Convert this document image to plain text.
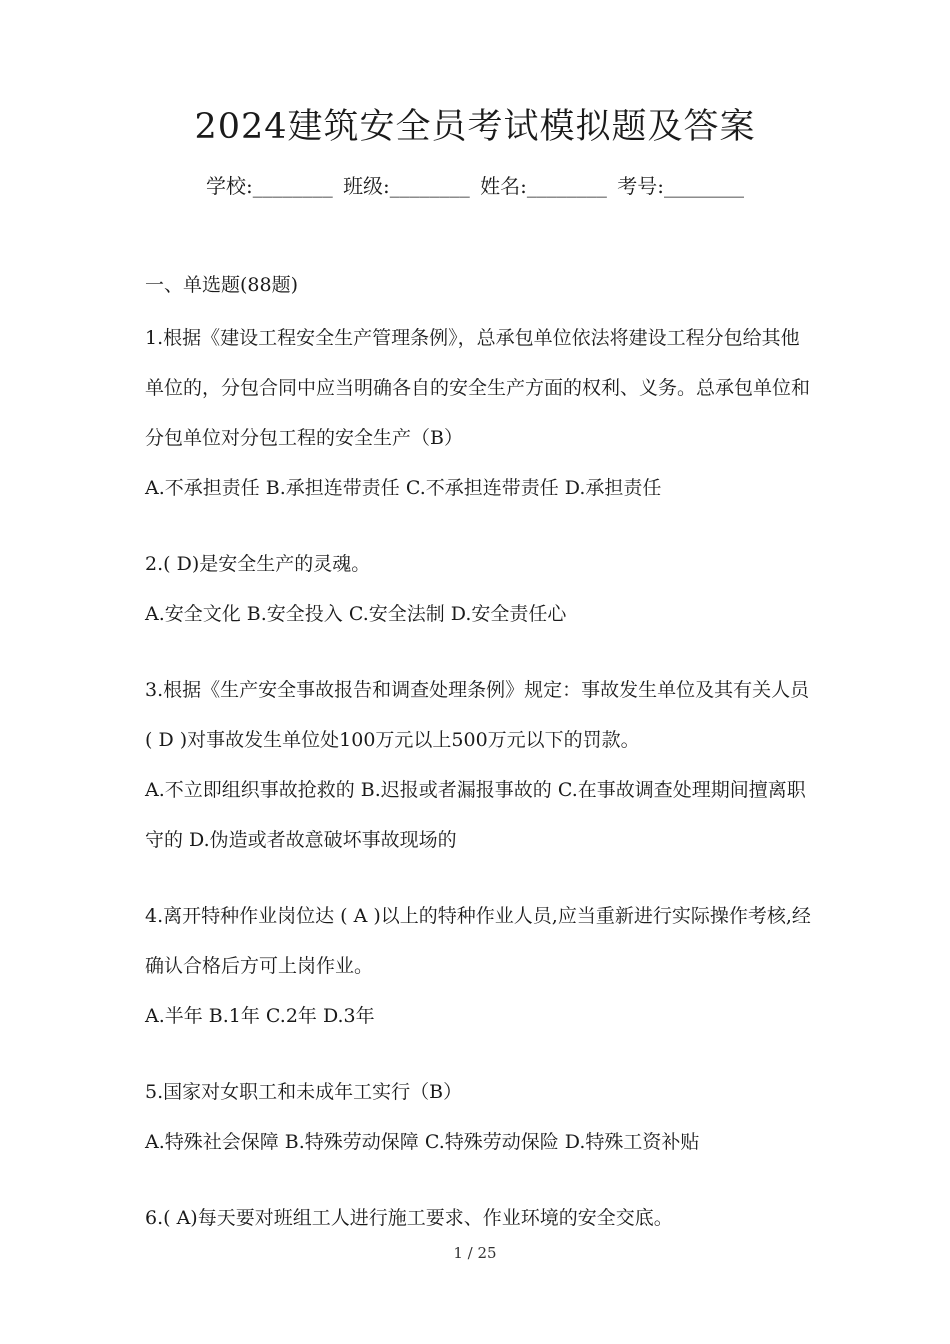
2024建筑安全员考试模拟题及答案
学校:________ 班级:________ 姓名:________ 考号:________
一、单选题(88题)

1.根据《建设工程安全生产管理条例》，总承包单位依法将建设工程分包给其他单位的，分包合同中应当明确各自的安全生产方面的权利、义务。总承包单位和分包单位对分包工程的安全生产（B）

A.不承担责任 B.承担连带责任 C.不承担连带责任 D.承担责任

2.( D)是安全生产的灵魂。

A.安全文化 B.安全投入 C.安全法制 D.安全责任心

3.根据《生产安全事故报告和调查处理条例》规定：事故发生单位及其有关人员 ( D )对事故发生单位处100万元以上500万元以下的罚款。

A.不立即组织事故抢救的 B.迟报或者漏报事故的 C.在事故调查处理期间擅离职守的 D.伪造或者故意破坏事故现场的

4.离开特种作业岗位达 ( A )以上的特种作业人员,应当重新进行实际操作考核,经确认合格后方可上岗作业。

A.半年 B.1年 C.2年 D.3年

5.国家对女职工和未成年工实行（B）

A.特殊社会保障 B.特殊劳动保障 C.特殊劳动保险 D.特殊工资补贴

6.( A)每天要对班组工人进行施工要求、作业环境的安全交底。

1 / 25
